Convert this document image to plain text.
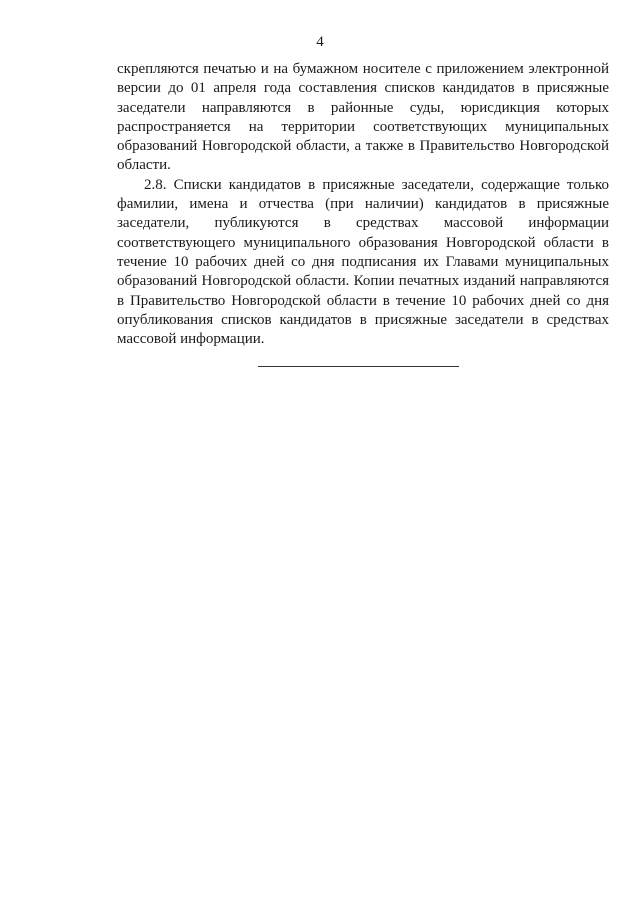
4
скрепляются печатью и на бумажном носителе с приложением электронной
версии до 01 апреля года составления списков кандидатов в присяжные
заседатели направляются в районные суды, юрисдикция которых
распространяется на территории соответствующих муниципальных
образований Новгородской области, а также в Правительство Новгородской
области.
2.8. Списки кандидатов в присяжные заседатели, содержащие только
фамилии, имена и отчества (при наличии) кандидатов в присяжные
заседатели, публикуются в средствах массовой информации
соответствующего муниципального образования Новгородской области в
течение 10 рабочих дней со дня подписания их Главами муниципальных
образований Новгородской области. Копии печатных изданий направляются
в Правительство Новгородской области в течение 10 рабочих дней со дня
опубликования списков кандидатов в присяжные заседатели в средствах
массовой информации.
